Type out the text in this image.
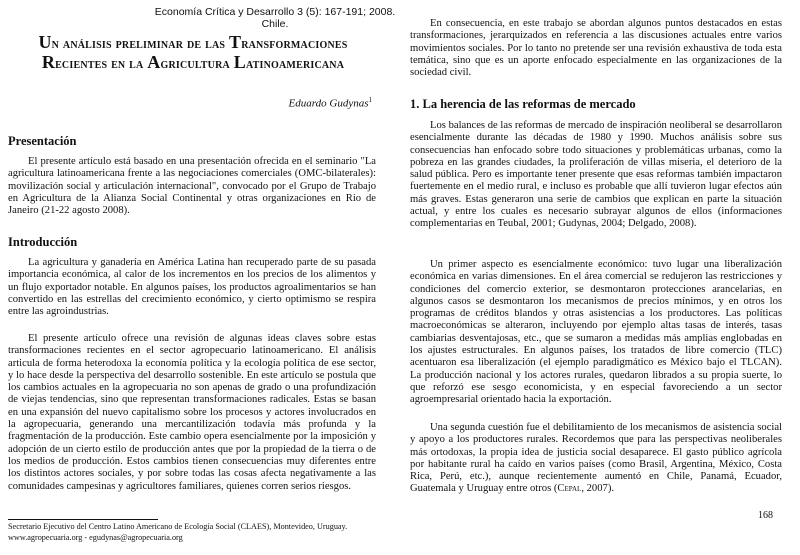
Economía Crítica y Desarrollo 3 (5): 167-191; 2008. Chile.
Un análisis preliminar de las Transformaciones
Recientes en la Agricultura Latinoamericana
Eduardo Gudynas$^1$
Presentación

El presente artículo está basado en una presentación ofrecida en el seminario "La agricultura latinoamericana frente a las negociaciones comerciales (OMC-bilaterales): movilización social y articulación internacional", convocado por el Grupo de Trabajo en Agricultura de la Alianza Social Continental y otras organizaciones en Rio de Janeiro (21-22 agosto 2008).

Introducción

La agricultura y ganadería en América Latina han recuperado parte de su pasada importancia económica, al calor de los incrementos en los precios de los alimentos y un flujo exportador notable. En algunos países, los productos agroalimentarios se han convertido en las estrellas del crecimiento económico, y cierto optimismo se respira entre las agroindustrias.

El presente artículo ofrece una revisión de algunas ideas claves sobre estas transformaciones recientes en el sector agropecuario latinoamericano. El análisis articula de forma heterodoxa la economía política y la ecología política de ese sector, y lo hace desde la perspectiva del desarrollo sostenible. En este artículo se postula que los cambios actuales en la agropecuaria no son apenas de grado o una profundización de viejas tendencias, sino que representan transformaciones radicales. Estas se basan en una expansión del nuevo capitalismo sobre los procesos y actores involucrados en la agropecuaria, generando una mercantilización todavía más profunda y la fragmentación de la producción. Este cambio opera esencialmente por la imposición y adopción de un cierto estilo de producción antes que por la propiedad de la tierra o de los medios de producción. Estos cambios tienen consecuencias muy diferentes entre los distintos actores sociales, y por sobre todas las cosas afecta negativamente a las comunidades campesinas y agricultores familiares, quienes corren serios riesgos.

En consecuencia, en este trabajo se abordan algunos puntos destacados en estas transformaciones, jerarquizados en referencia a las discusiones actuales entre varios movimientos sociales. Por lo tanto no pretende ser una revisión exhaustiva de toda esta temática, sino que es un aporte enfocado especialmente en las organizaciones de la sociedad civil.

1. La herencia de las reformas de mercado

Los balances de las reformas de mercado de inspiración neoliberal se desarrollaron esencialmente durante las décadas de 1980 y 1990. Muchos análisis sobre sus consecuencias han enfocado sobre todo situaciones y problemáticas urbanas, como la pobreza en las grandes ciudades, la proliferación de villas miseria, el deterioro de la salud pública. Pero es importante tener presente que esas reformas también impactaron fuertemente en el medio rural, e incluso es probable que allí tuvieron lugar efectos aún más graves. Estas generaron una serie de cambios que explican en parte la situación actual, y entre los cuales es necesario subrayar algunos de ellos (informaciones complementarias en Teubal, 2001; Gudynas, 2004; Delgado, 2008).

Un primer aspecto es esencialmente económico: tuvo lugar una liberalización económica en varias dimensiones. En el área comercial se redujeron las restricciones y condiciones del comercio exterior, se desmontaron protecciones arancelarias, en algunos casos se desmontaron los mecanismos de precios mínimos, y en otros los programas de créditos blandos y otras asistencias a los productores. Las políticas macroeconómicas se alteraron, incluyendo por ejemplo altas tasas de interés, tasas cambiarias desventajosas, etc., que se sumaron a medidas más amplias englobadas en los ajustes estructurales. En algunos países, los tratados de libre comercio (TLC) acentuaron esa liberalización (el ejemplo paradigmático es México bajo el TLCAN). La producción nacional y los actores rurales, quedaron librados a su propia suerte, lo que reforzó ese sesgo economicista, y en especial favoreciendo a un sector agroempresarial orientado hacia la exportación.

Una segunda cuestión fue el debilitamiento de los mecanismos de asistencia social y apoyo a los productores rurales. Recordemos que para las perspectivas neoliberales más ortodoxas, la propia idea de justicia social desaparece. El gasto público agrícola por habitante rural ha caído en varios países (como Brasil, Argentina, México, Costa Rica, Perú, etc.), aunque recientemente aumentó en Chile, Panamá, Ecuador, Guatemala y Uruguay entre otros (Cepal, 2007).

168
Secretario Ejecutivo del Centro Latino Americano de Ecología Social (CLAES), Montevideo, Uruguay.
www.agropecuaria.org - egudynas@agropecuaria.org
